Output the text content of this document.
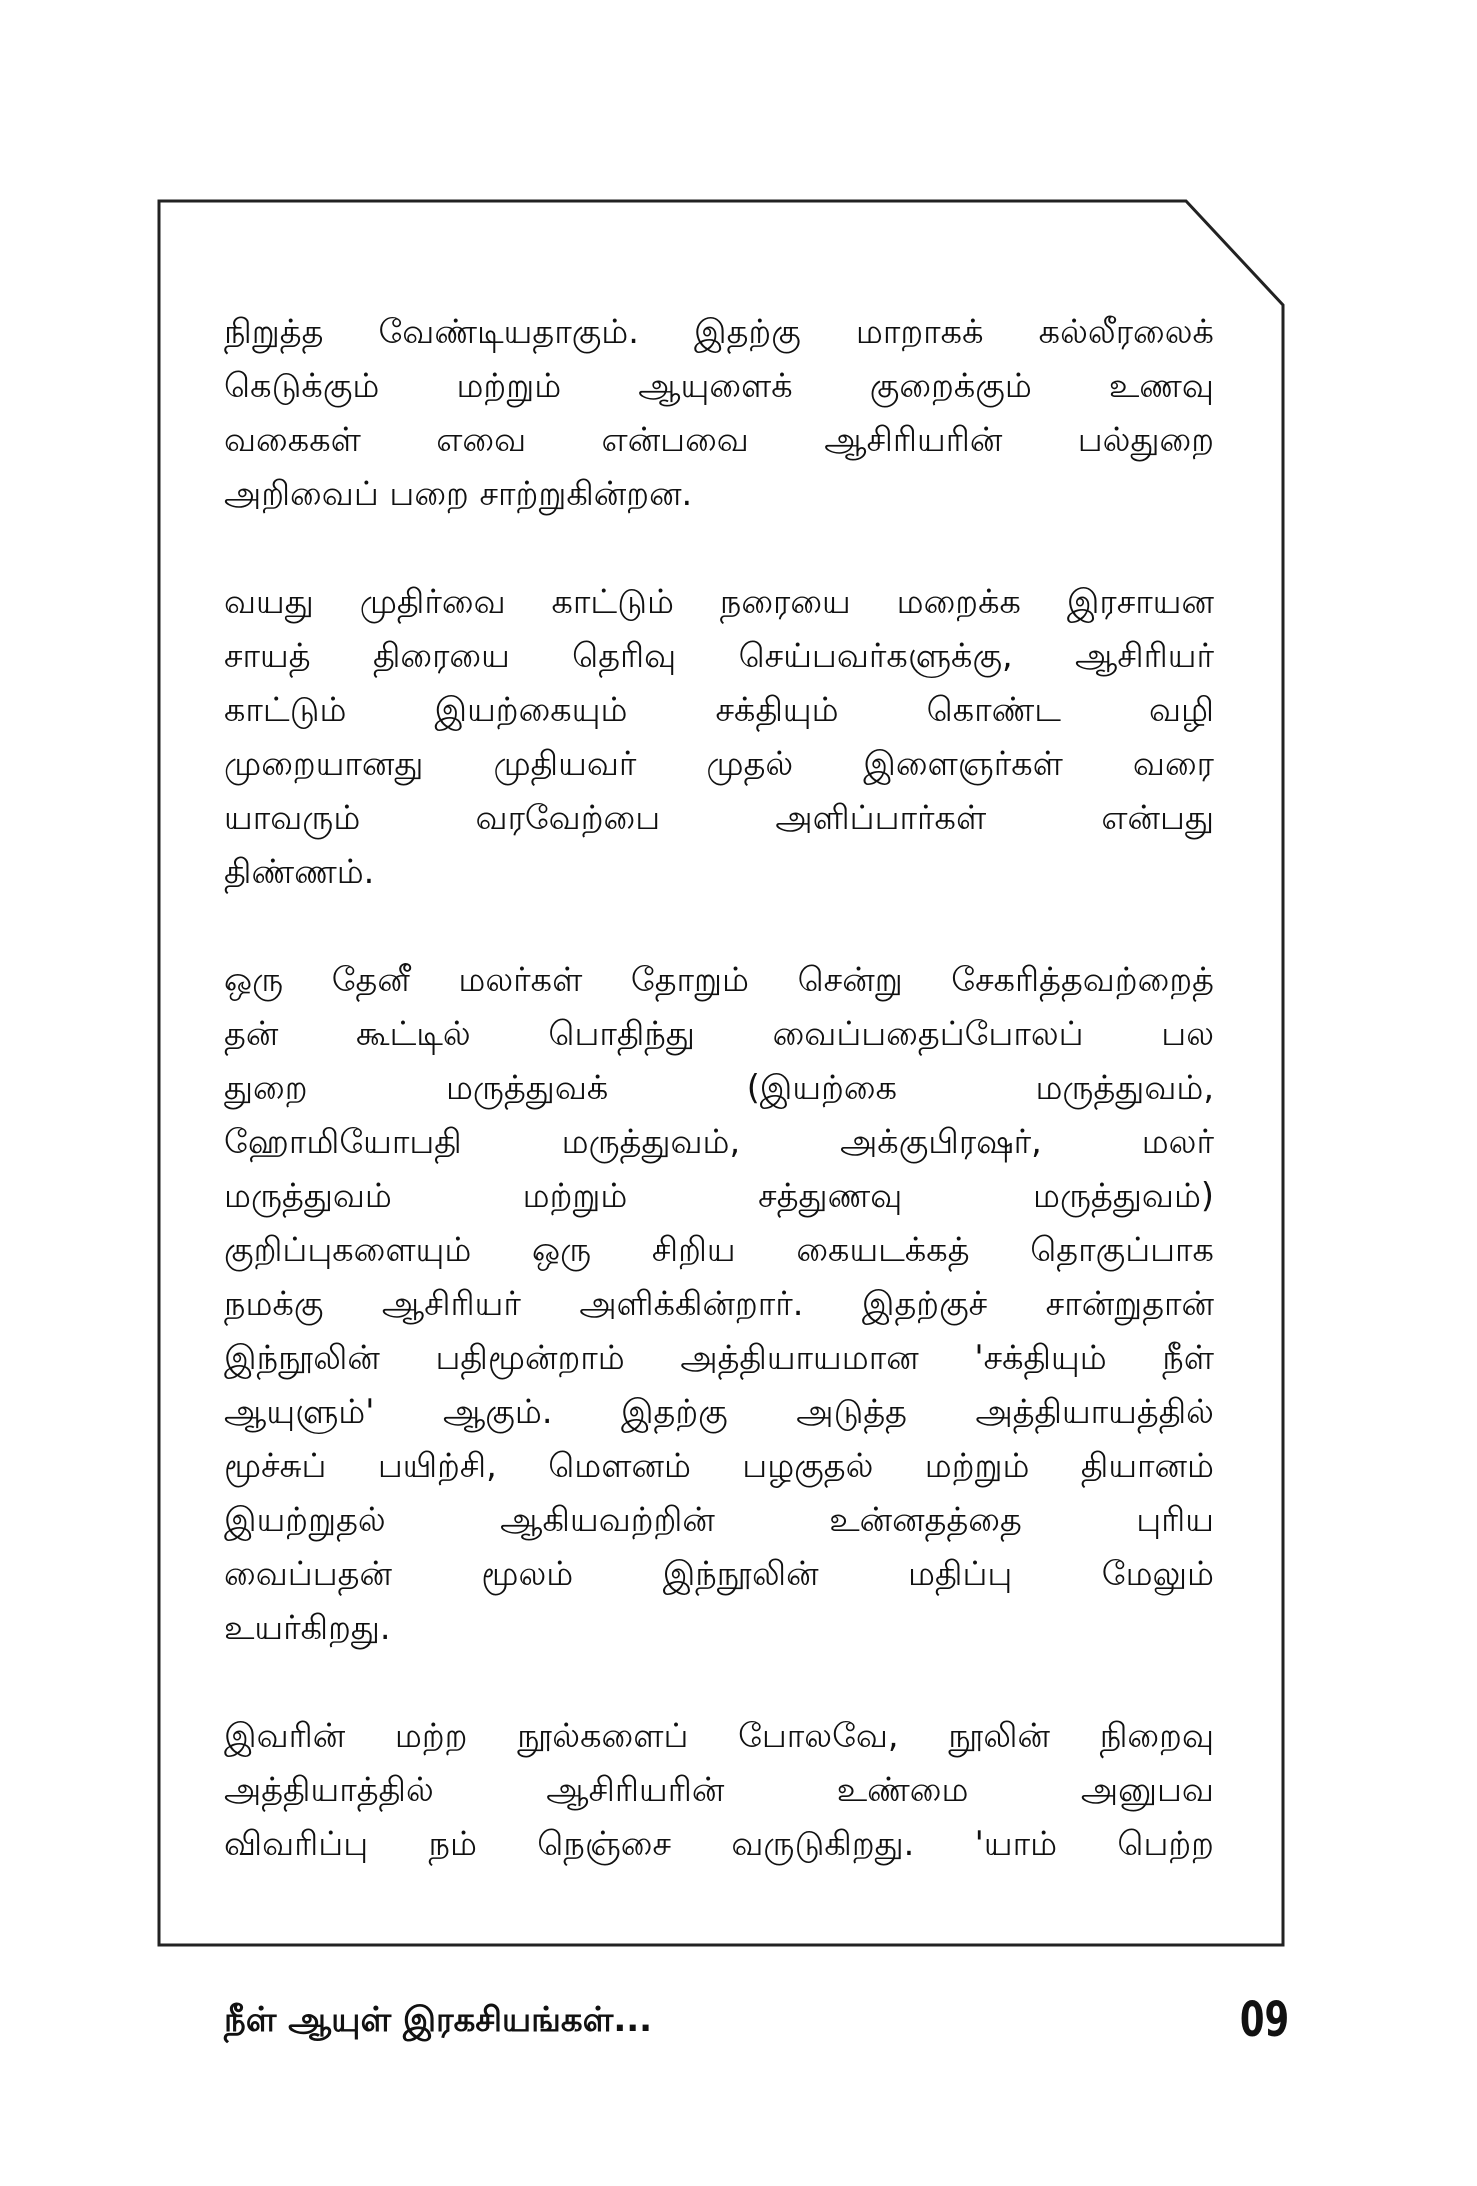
நிறுத்த வேண்டியதாகும். இதற்கு மாறாகக் கல்லீரலைக்
கெடுக்கும் மற்றும் ஆயுளைக் குறைக்கும் உணவு
வகைகள் எவை என்பவை ஆசிரியரின் பல்துறை
அறிவைப் பறை சாற்றுகின்றன.
வயது முதிர்வை காட்டும் நரையை மறைக்க இரசாயன
சாயத் திரையை தெரிவு செய்பவர்களுக்கு, ஆசிரியர்
காட்டும் இயற்கையும் சக்தியும் கொண்ட வழி
முறையானது முதியவர் முதல் இளைஞர்கள் வரை
யாவரும் வரவேற்பை அளிப்பார்கள் என்பது
திண்ணம்.
ஒரு தேனீ மலர்கள் தோறும் சென்று சேகரித்தவற்றைத்
தன் கூட்டில் பொதிந்து வைப்பதைப்போலப் பல
துறை மருத்துவக் (இயற்கை மருத்துவம்,
ஹோமியோபதி மருத்துவம், அக்குபிரஷர், மலர்
மருத்துவம் மற்றும் சத்துணவு மருத்துவம்)
குறிப்புகளையும் ஒரு சிறிய கையடக்கத் தொகுப்பாக
நமக்கு ஆசிரியர் அளிக்கின்றார். இதற்குச் சான்றுதான்
இந்நூலின் பதிமூன்றாம் அத்தியாயமான 'சக்தியும் நீள்
ஆயுளும்' ஆகும். இதற்கு அடுத்த அத்தியாயத்தில்
மூச்சுப் பயிற்சி, மௌனம் பழகுதல் மற்றும் தியானம்
இயற்றுதல் ஆகியவற்றின் உன்னதத்தை புரிய
வைப்பதன் மூலம் இந்நூலின் மதிப்பு மேலும்
உயர்கிறது.
இவரின் மற்ற நூல்களைப் போலவே, நூலின் நிறைவு
அத்தியாத்தில் ஆசிரியரின் உண்மை அனுபவ
விவரிப்பு நம் நெஞ்சை வருடுகிறது. 'யாம் பெற்ற
நீள் ஆயுள் இரகசியங்கள்...	09
